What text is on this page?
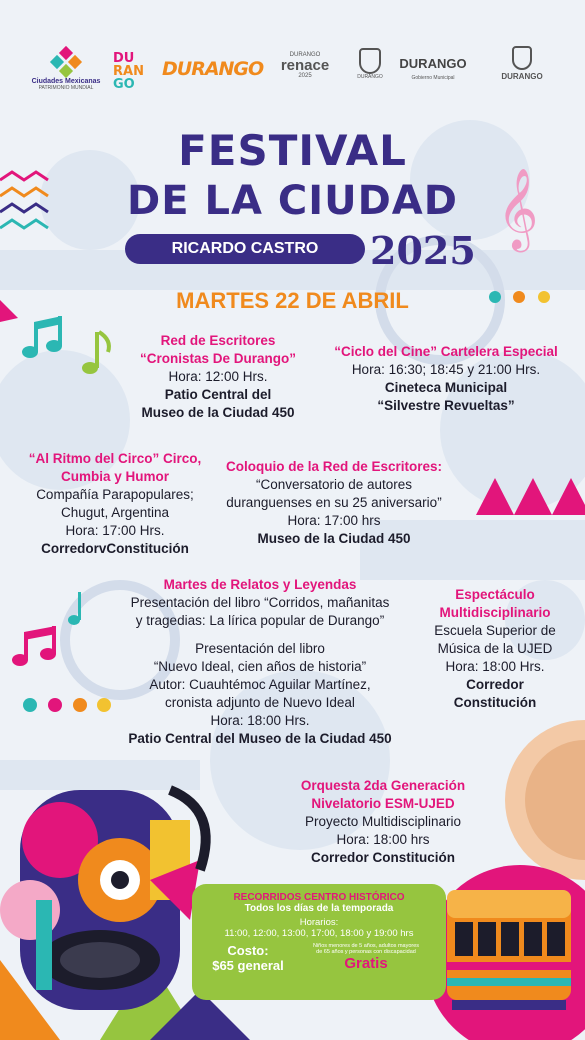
𝄞
Ciudades Mexicanas
PATRIMONIO MUNDIAL
DU
RAN
GO
DURANGO
DURANGO
renace
2025	DURANGO
DURANGO
Gobierno Municipal	DURANGO
FESTIVAL
DE LA CIUDAD
RICARDO CASTRO	2025
MARTES 22 DE ABRIL
Red de Escritores
“Cronistas De Durango”
Hora: 12:00 Hrs.
Patio Central del
Museo de la Ciudad 450
“Ciclo del Cine” Cartelera Especial
Hora: 16:30; 18:45 y 21:00 Hrs.
Cineteca Municipal
“Silvestre Revueltas”
“Al Ritmo del Circo” Circo,
Cumbia y Humor
Compañía Parapopulares;
Chugut, Argentina
Hora: 17:00 Hrs.
CorredorvConstitución
Coloquio de la Red de Escritores:
“Conversatorio de autores
duranguenses en su 25 aniversario”
Hora: 17:00 hrs
Museo de la Ciudad 450
Martes de Relatos y Leyendas
Presentación del libro “Corridos, mañanitas
y tragedias: La lírica popular de Durango”
Presentación del libro
“Nuevo Ideal, cien años de historia”
Autor: Cuauhtémoc Aguilar Martínez,
cronista adjunto de Nuevo Ideal
Hora: 18:00 Hrs.
Patio Central del Museo de la Ciudad 450
Espectáculo
Multidisciplinario
Escuela Superior de
Música de la UJED
Hora: 18:00 Hrs.
Corredor
Constitución
Orquesta 2da Generación
Nivelatorio ESM-UJED
Proyecto Multidisciplinario
Hora: 18:00 hrs
Corredor Constitución
RECORRIDOS CENTRO HISTÓRICO
Todos los días de la temporada
Horarios:
11:00, 12:00, 13:00, 17:00, 18:00 y 19:00 hrs
Costo:
$65 general
Niños menores de 5 años, adultos mayores
de 65 años y personas con discapacidad
Gratis
